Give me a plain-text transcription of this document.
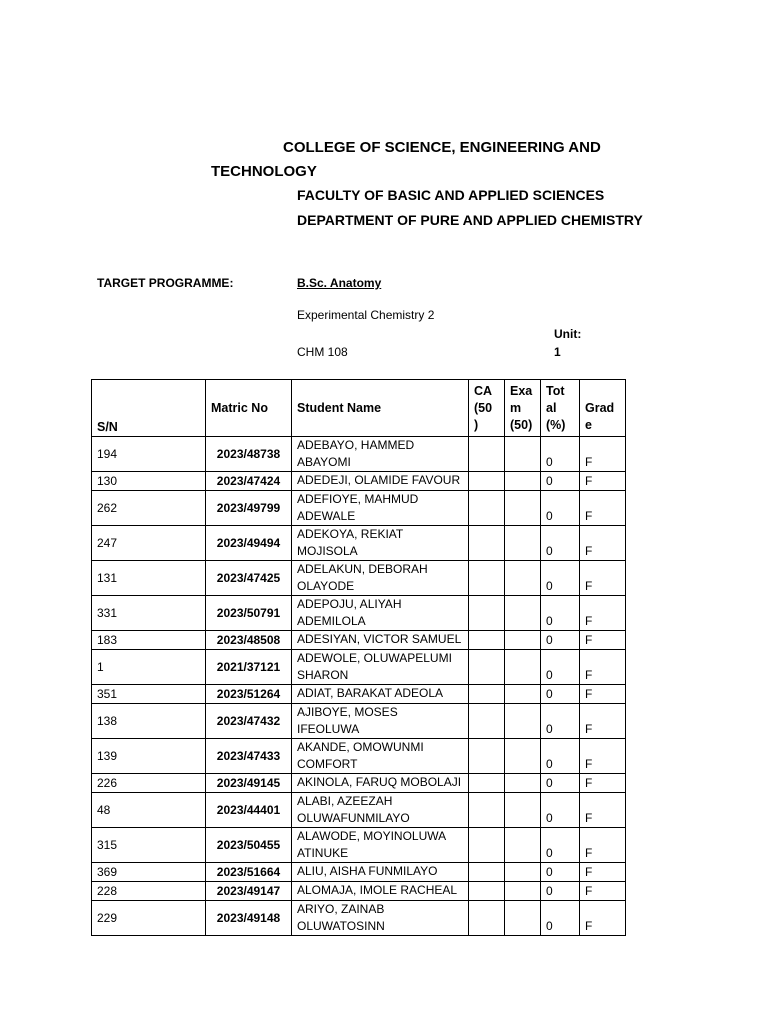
COLLEGE OF SCIENCE, ENGINEERING AND
TECHNOLOGY
FACULTY OF BASIC AND APPLIED SCIENCES
DEPARTMENT OF PURE AND APPLIED CHEMISTRY
TARGET PROGRAMME:	B.Sc. Anatomy
Experimental Chemistry 2
Unit:
CHM 108	1
S/N	Matric No	Student Name	CA (50 )	Exa m (50)	Tot al (%)	Grad e
194	2023/48738	ADEBAYO, HAMMED ABAYOMI			0	F
130	2023/47424	ADEDEJI, OLAMIDE FAVOUR			0	F
262	2023/49799	ADEFIOYE, MAHMUD ADEWALE			0	F
247	2023/49494	ADEKOYA, REKIAT MOJISOLA			0	F
131	2023/47425	ADELAKUN, DEBORAH OLAYODE			0	F
331	2023/50791	ADEPOJU, ALIYAH ADEMILOLA			0	F
183	2023/48508	ADESIYAN, VICTOR SAMUEL			0	F
1	2021/37121	ADEWOLE, OLUWAPELUMI SHARON			0	F
351	2023/51264	ADIAT, BARAKAT ADEOLA			0	F
138	2023/47432	AJIBOYE, MOSES IFEOLUWA			0	F
139	2023/47433	AKANDE, OMOWUNMI COMFORT			0	F
226	2023/49145	AKINOLA, FARUQ MOBOLAJI			0	F
48	2023/44401	ALABI, AZEEZAH OLUWAFUNMILAYO			0	F
315	2023/50455	ALAWODE, MOYINOLUWA ATINUKE			0	F
369	2023/51664	ALIU, AISHA FUNMILAYO			0	F
228	2023/49147	ALOMAJA, IMOLE RACHEAL			0	F
229	2023/49148	ARIYO, ZAINAB OLUWATOSINN			0	F
